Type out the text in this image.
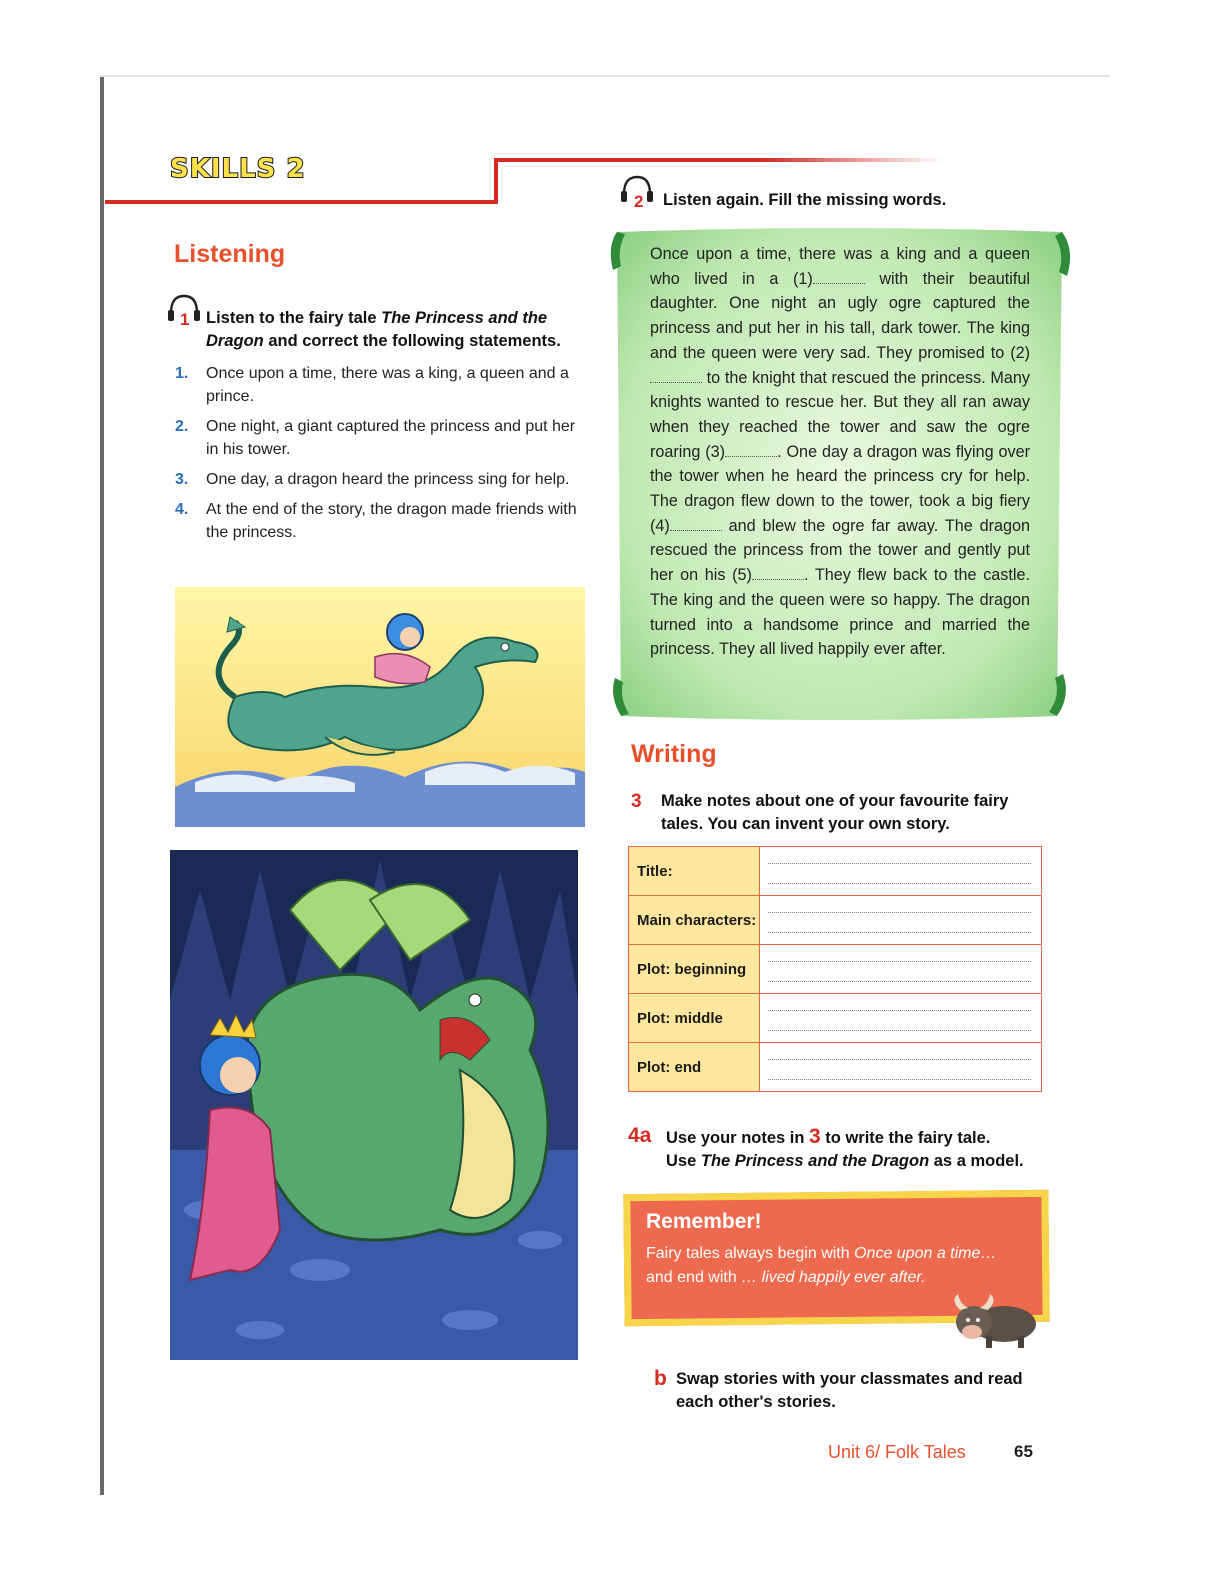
SKILLS 2
Listening
1 Listen to the fairy tale The Princess and the Dragon and correct the following statements.
1. Once upon a time, there was a king, a queen and a prince.
2. One night, a giant captured the princess and put her in his tower.
3. One day, a dragon heard the princess sing for help.
4. At the end of the story, the dragon made friends with the princess.
2 Listen again. Fill the missing words.
Once upon a time, there was a king and a queen who lived in a (1)	with their beautiful daughter. One night an ugly ogre captured the princess and put her in his tall, dark tower. The king and the queen were very sad. They promised to (2) to the knight that rescued the princess. Many knights wanted to rescue her. But they all ran away when they reached the tower and saw the ogre roaring (3)	. One day a dragon was flying over the tower when he heard the princess cry for help. The dragon flew down to the tower, took a big fiery (4)	and blew the ogre far away. The dragon rescued the princess from the tower and gently put her on his (5)	. They flew back to the castle. The king and the queen were so happy. The dragon turned into a handsome prince and married the princess. They all lived happily ever after.
Writing
3 Make notes about one of your favourite fairy tales. You can invent your own story.
Title:	

Main characters:	

Plot: beginning	

Plot: middle	

Plot: end	
4a Use your notes in 3 to write the fairy tale.
Use The Princess and the Dragon as a model.
Remember!
Fairy tales always begin with Once upon a time…
and end with … lived happily ever after.
b Swap stories with your classmates and read each other's stories.
Unit 6/ Folk Tales	65
